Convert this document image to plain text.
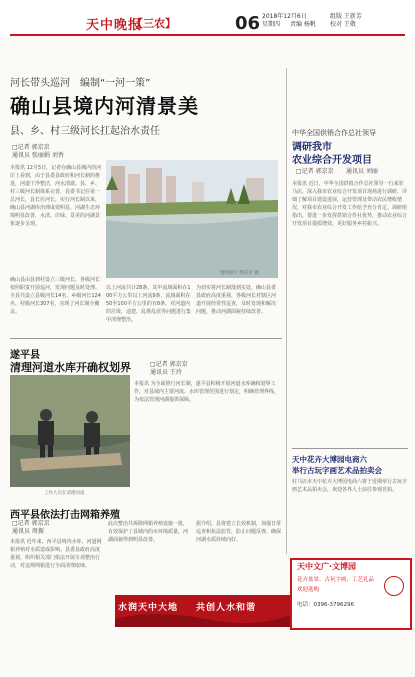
天中晚报
【三农】	06 2018年12月6日
星期四 责编 杨帆
组版 王新芳
校对 王敬
河长带头巡河　编制“一河一策”
确山县境内河清景美
县、乡、村三级河长扛起治水责任
□记者 郭京京
通讯员 张丽娟 刘香
本报讯 12月5日，记者在确山县城内的河岸上看到，由于县委县政府和河长制的推进，河道干净整洁，河水清澈。县、乡、村三级河长制体系完善，县委书记任第一总河长，县长任河长，实行河长制以来，确山县河湖库治理成效明显，河湖生态环境明显改善，水清、岸绿、景美的河湖景象逐步呈现。
确山县由县到村设立三级河长，各级河长按照职责开展巡河，发现问题及时处理。全县共设立县级河长14名、乡级河长124名、村级河长307名，实现了河长制全覆盖。
以上河流共计28条，其中流域面积在100平方公里以上河流9条，流域面积在50至100平方公里的有8条。对河道内的垃圾、违建、乱堆乱放等问题进行集中清理整治。
为切实将河长制落到实处，确山县委县政府高度重视，各级河长对辖区河道开展经常性巡查，及时发现和解决问题，推动河湖面貌持续改善。
资料照片 郭京京 摄
遂平县
清理河道水库开确权划界
工作人员在清理河道
□记者 郭京京
通讯员 王玲
本报讯 为全面推行河长制，遂平县积极开展河道水库确权划界工作，对县域内主要河流、水库管理范围进行划定，明确管理界线，为依法管理河湖提供保障。
西平县依法打击网箱养殖
□记者 郭京京
通讯员 周振
本报讯 近年来，西平县境内水库、河道网箱养殖对水质造成影响。县委县政府高度重视，组织相关部门依法开展专项整治行动，对违规网箱进行全面清理取缔。
此次整治共拆除网箱养殖设施一批，有效保护了县域内的水环境质量，河湖面貌得到明显改善。
据介绍，县将建立长效机制，加强日常巡查和执法监管，防止问题反弹，确保河湖水质持续向好。
水润天中大地 共创人水和谐
中华全国供销合作总社领导
调研我市
农业综合开发项目
□记者 郭京京 通讯员 刘丽
本报讯 近日，中华全国供销合作总社领导一行来驻马店，深入我市农业综合开发项目现场进行调研，详细了解项目建设进展、运营管理及带动农民增收情况，对我市农业综合开发工作给予充分肯定。调研组指出，要进一步发挥供销合作社优势，推动农业综合开发项目提质增效，更好服务乡村振兴。
天中花卉大博园电商六
举行古玩字画艺术品拍卖会
驻马店市天中花卉大博园电商六将于近期举行古玩字画艺术品拍卖会，欢迎各界人士前往参观竞拍。
天中文广·文博园
花卉盆景、古玩字画、工艺礼品
欢迎选购
电话：0396-3796296
